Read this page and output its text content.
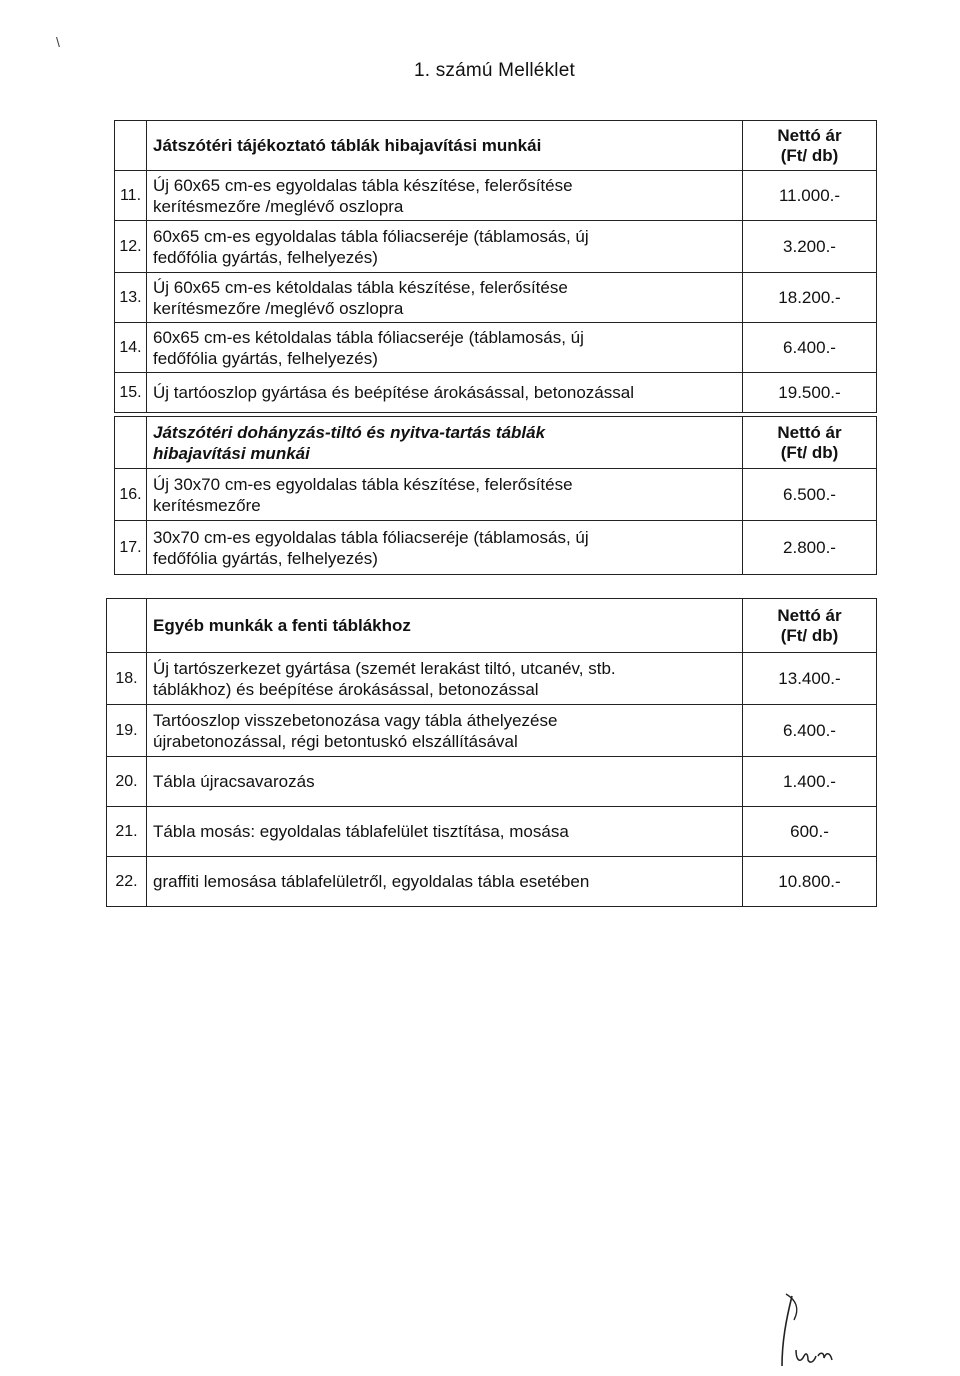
\
1. számú Melléklet
	Játszótéri tájékoztató táblák hibajavítási munkái	Nettó ár
(Ft/ db)

11.	Új 60x65 cm-es egyoldalas tábla készítése, felerősítése
kerítésmezőre /meglévő oszlopra	11.000.-
12.	60x65 cm-es egyoldalas tábla fóliacseréje (táblamosás, új
fedőfólia gyártás, felhelyezés)	3.200.-
13.	Új 60x65 cm-es kétoldalas tábla készítése, felerősítése
kerítésmezőre /meglévő oszlopra	18.200.-
14.	60x65 cm-es kétoldalas tábla fóliacseréje (táblamosás, új
fedőfólia gyártás, felhelyezés)	6.400.-
15.	Új tartóoszlop gyártása és beépítése árokásással, betonozással	19.500.-

	Játszótéri dohányzás-tiltó és nyitva-tartás táblák
hibajavítási munkái	Nettó ár
(Ft/ db)

16.	Új 30x70 cm-es egyoldalas tábla készítése, felerősítése
kerítésmezőre	6.500.-
17.	30x70 cm-es egyoldalas tábla fóliacseréje (táblamosás, új
fedőfólia gyártás, felhelyezés)	2.800.-
	Egyéb munkák a fenti táblákhoz	Nettó ár
(Ft/ db)

18.	Új tartószerkezet gyártása (szemét lerakást tiltó, utcanév, stb.
táblákhoz) és beépítése árokásással, betonozással	13.400.-
19.	Tartóoszlop visszebetonozása vagy tábla áthelyezése
újrabetonozással, régi betontuskó elszállításával	6.400.-
20.	Tábla újracsavarozás	1.400.-
21.	Tábla mosás: egyoldalas táblafelület tisztítása, mosása	600.-
22.	graffiti lemosása táblafelületről, egyoldalas tábla esetében	10.800.-
